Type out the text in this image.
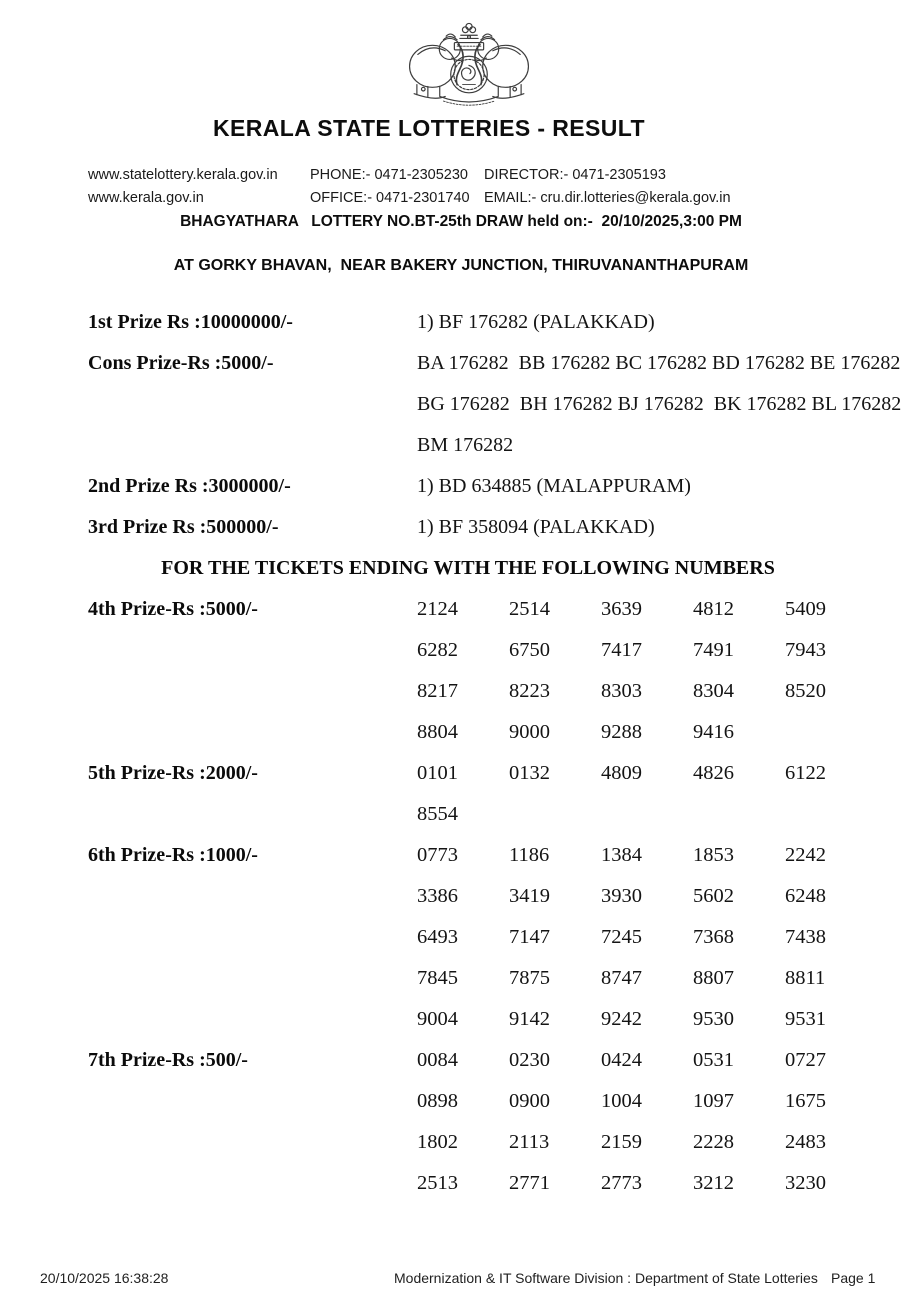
KERALA STATE LOTTERIES - RESULT
www.statelottery.kerala.gov.in PHONE:- 0471-2305230 DIRECTOR:- 0471-2305193
www.kerala.gov.in	OFFICE:- 0471-2301740 EMAIL:- cru.dir.lotteries@kerala.gov.in
BHAGYATHARA   LOTTERY NO.BT-25th DRAW held on:-  20/10/2025,3:00 PM
AT GORKY BHAVAN,  NEAR BAKERY JUNCTION, THIRUVANANTHAPURAM
1st Prize Rs :10000000/-	1) BF 176282 (PALAKKAD)
Cons Prize-Rs :5000/-	BA 176282  BB 176282 BC 176282 BD 176282 BE 176282
BG 176282  BH 176282 BJ 176282  BK 176282 BL 176282
BM 176282
2nd Prize Rs :3000000/-	1) BD 634885 (MALAPPURAM)
3rd Prize Rs :500000/-	1) BF 358094 (PALAKKAD)
FOR THE TICKETS ENDING WITH THE FOLLOWING NUMBERS
4th Prize-Rs :5000/-	2124	2514	3639	4812	5409
6282	6750	7417	7491	7943
8217	8223	8303	8304	8520
8804	9000	9288	9416
5th Prize-Rs :2000/-	0101	0132	4809	4826	6122
8554
6th Prize-Rs :1000/-	0773	1186	1384	1853	2242
3386	3419	3930	5602	6248
6493	7147	7245	7368	7438
7845	7875	8747	8807	8811
9004	9142	9242	9530	9531
7th Prize-Rs :500/-	0084	0230	0424	0531	0727
0898	0900	1004	1097	1675
1802	2113	2159	2228	2483
2513	2771	2773	3212	3230
20/10/2025 16:38:28	Modernization & IT Software Division : Department of State Lotteries Page 1
